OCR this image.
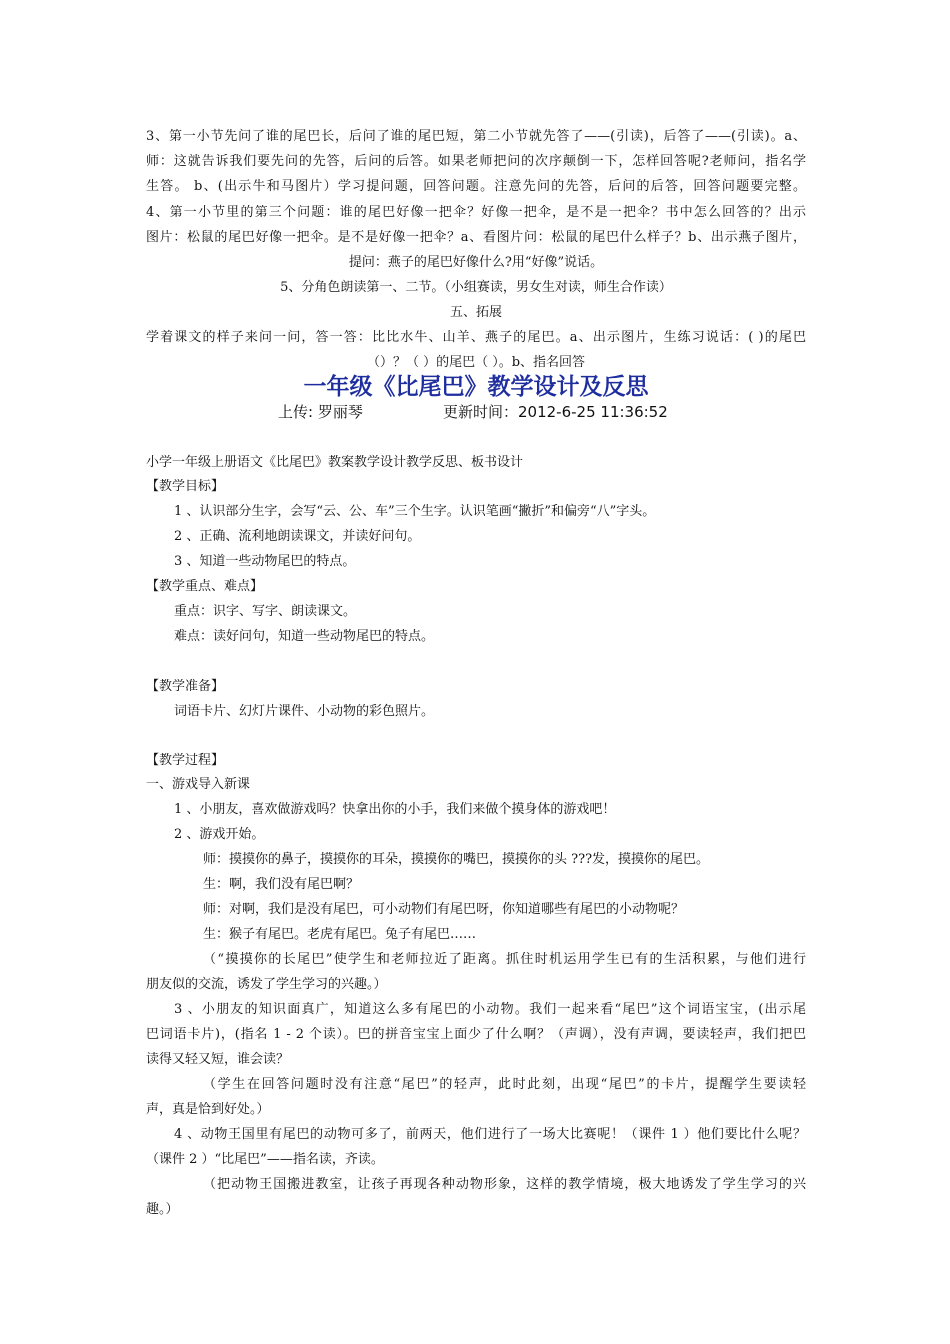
3、第一小节先问了谁的尾巴长，后问了谁的尾巴短，第二小节就先答了——(引读)，后答了——(引读)。a、
师：这就告诉我们要先问的先答，后问的后答。如果老师把问的次序颠倒一下，怎样回答呢?老师问，指名学
生答。 b、(出示牛和马图片）学习提问题，回答问题。注意先问的先答，后问的后答，回答问题要完整。
4、第一小节里的第三个问题：谁的尾巴好像一把伞？好像一把伞，是不是一把伞？书中怎么回答的？出示
图片：松鼠的尾巴好像一把伞。是不是好像一把伞？a、看图片问：松鼠的尾巴什么样子？b、出示燕子图片，
提问：燕子的尾巴好像什么?用“好像”说话。
5、分角色朗读第一、二节。（小组赛读，男女生对读，师生合作读）
五、拓展
学着课文的样子来问一问，答一答：比比水牛、山羊、燕子的尾巴。a、出示图片，生练习说话：( )的尾巴
（）？（ ）的尾巴（ ）。b、指名回答
一年级《比尾巴》教学设计及反思
上传: 罗丽琴	更新时间：2012-6-25 11:36:52
小学一年级上册语文《比尾巴》教案教学设计教学反思、板书设计
【教学目标】
1 、认识部分生字，会写“云、公、车”三个生字。认识笔画“撇折”和偏旁“八”字头。
2 、正确、流利地朗读课文，并读好问句。
3 、知道一些动物尾巴的特点。
【教学重点、难点】
重点：识字、写字、朗读课文。
难点：读好问句，知道一些动物尾巴的特点。
【教学准备】
词语卡片、幻灯片课件、小动物的彩色照片。
【教学过程】
一、游戏导入新课
1 、小朋友，喜欢做游戏吗？快拿出你的小手，我们来做个摸身体的游戏吧！
2 、游戏开始。
师：摸摸你的鼻子，摸摸你的耳朵，摸摸你的嘴巴，摸摸你的头 ???发，摸摸你的尾巴。
生：啊，我们没有尾巴啊？
师：对啊，我们是没有尾巴，可小动物们有尾巴呀，你知道哪些有尾巴的小动物呢？
生：猴子有尾巴。老虎有尾巴。兔子有尾巴……
（“摸摸你的长尾巴”使学生和老师拉近了距离。抓住时机运用学生已有的生活积累，与他们进行
朋友似的交流，诱发了学生学习的兴趣。）
3 、小朋友的知识面真广，知道这么多有尾巴的小动物。我们一起来看“尾巴”这个词语宝宝，(出示尾
巴词语卡片)，(指名 1 - 2 个读）。巴的拼音宝宝上面少了什么啊？（声调），没有声调，要读轻声，我们把巴
读得又轻又短，谁会读？
（学生在回答问题时没有注意“尾巴”的轻声，此时此刻，出现“尾巴”的卡片，提醒学生要读轻
声，真是恰到好处。）
4 、动物王国里有尾巴的动物可多了，前两天，他们进行了一场大比赛呢！（课件 1 ）他们要比什么呢？
（课件 2 ）“比尾巴”——指名读，齐读。
（把动物王国搬进教室，让孩子再现各种动物形象，这样的教学情境，极大地诱发了学生学习的兴
趣。）
